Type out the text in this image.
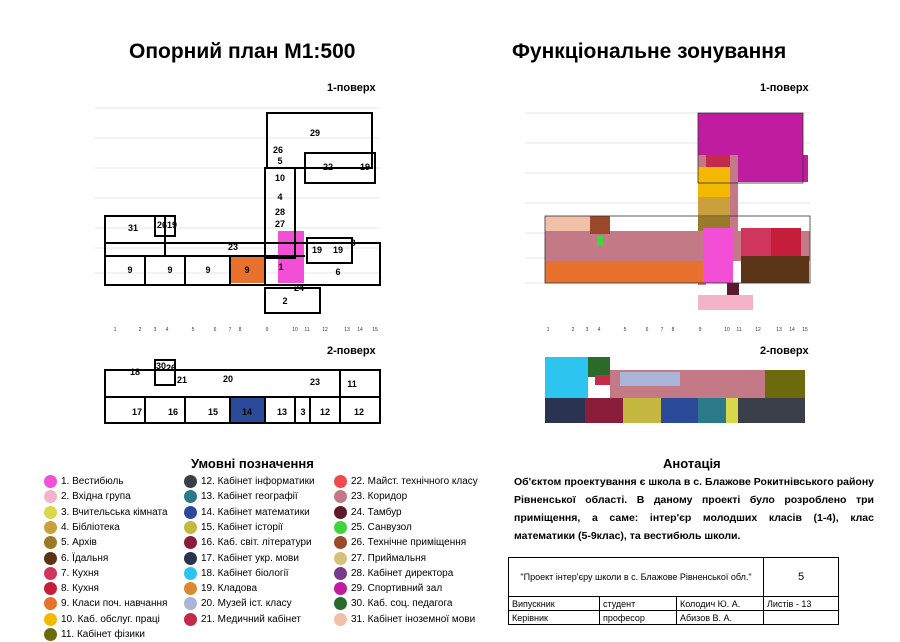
Опорний план М1:500	Функціональне зонування
1-поверх	1-поверх
2-поверх	2-поверх
29
26
5
10
4
28
27
22	19
31 26 19
23	19 19
8
9	9	9	9	1	6
24
2
1	2 3 4	5	6 7 8	9	10 11	12	13 14 15
18
30 26
21	20	23	11
17	16	15	14	13 3 12	12
1	2 3 4	5	6 7 8	9	10 11	12	13 14 15
Умовні позначення
1. Вестибюль
2. Вхідна група
3. Вчительська кімната
4. Бібліотека
5. Архів
6. Їдальня
7. Кухня
8. Кухня
9. Класи поч. навчання
10. Каб. обслуг. праці
11. Кабінет фізики
12. Кабінет інформатики
13. Кабінет географії
14. Кабінет математики
15. Кабінет історії
16. Каб. світ. літератури
17. Кабінет укр. мови
18. Кабінет біології
19. Кладова
20. Музей іст. класу
21. Медичний кабінет
22. Майст. технічного класу
23. Коридор
24. Тамбур
25. Санвузол
26. Технічне приміщення
27. Приймальня
28. Кабінет директора
29. Спортивний зал
30. Каб. соц. педагога
31. Кабінет іноземної мови
Анотація
Об'єктом проектування є школа в с. Блажове Рокитнівського району Рівненської області. В даному проекті було розроблено три приміщення, а саме: інтер'єр молодших класів (1-4), клас математики (5-9клас), та вестибюль школи.
"Проект інтер'єру школи в с. Блажове Рівненської обл."			5
Випускник	студент	Колодич Ю. А.	Листів - 13
Керівник	професор	Абизов В. А.	
